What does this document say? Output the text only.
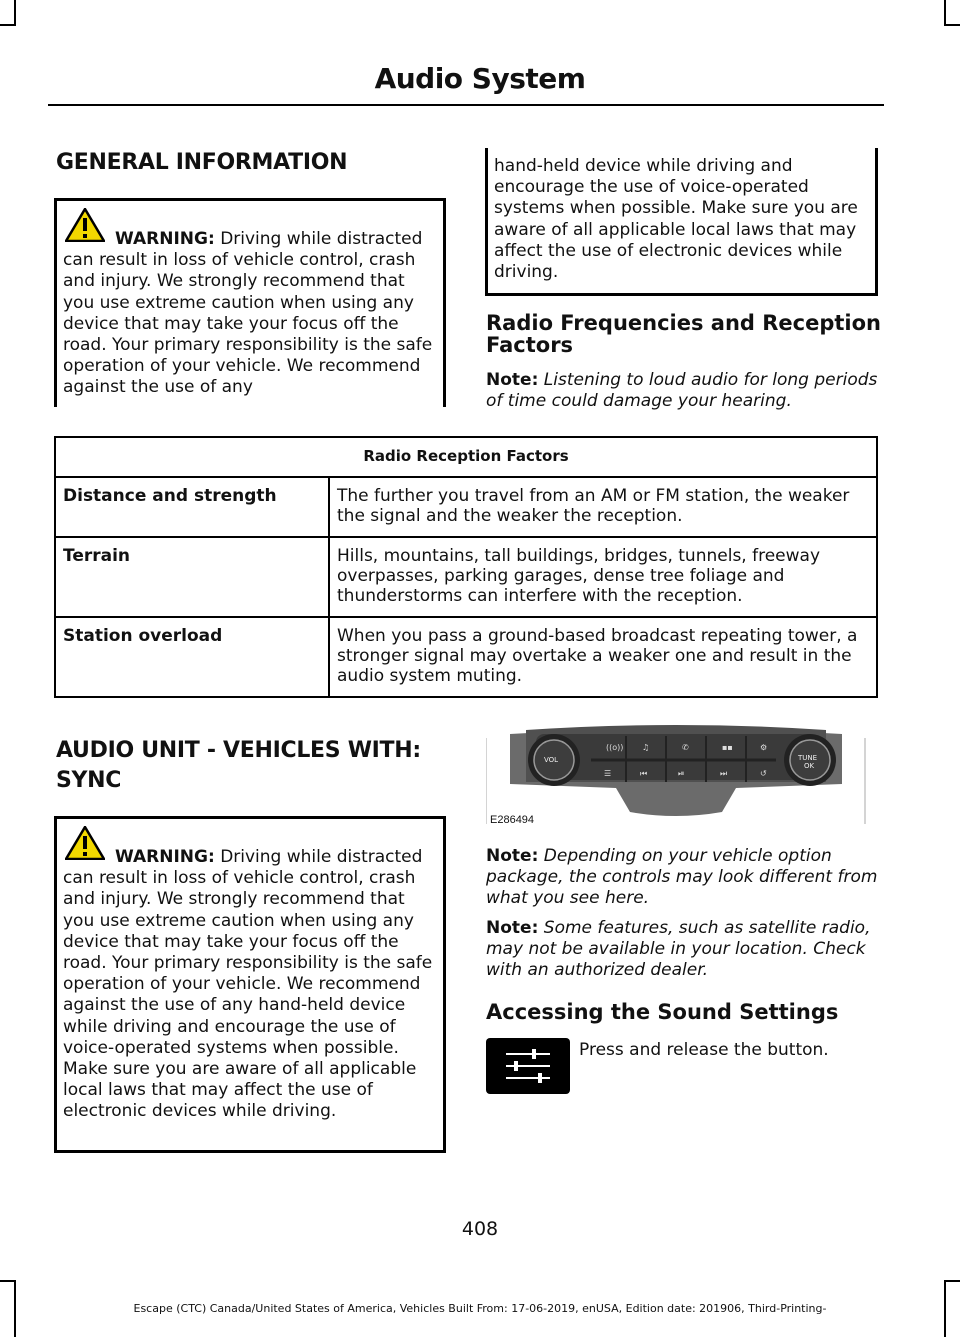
Audio System
GENERAL INFORMATION
WARNING: Driving while distracted can result in loss of vehicle control, crash and injury. We strongly recommend that you use extreme caution when using any device that may take your focus off the road. Your primary responsibility is the safe operation of your vehicle. We recommend against the use of any
hand-held device while driving and encourage the use of voice-operated systems when possible. Make sure you are aware of all applicable local laws that may affect the use of electronic devices while driving.
Radio Frequencies and Reception Factors
Note: Listening to loud audio for long periods of time could damage your hearing.
Radio Reception Factors	
Distance and strength	The further you travel from an AM or FM station, the weaker the signal and the weaker the reception.
Terrain	Hills, mountains, tall buildings, bridges, tunnels, freeway overpasses, parking garages, dense tree foliage and thunderstorms can interfere with the reception.
Station overload	When you pass a ground-based broadcast repeating tower, a stronger signal may overtake a weaker one and result in the audio system muting.
AUDIO UNIT - VEHICLES WITH:
SYNC
WARNING: Driving while distracted can result in loss of vehicle control, crash and injury. We strongly recommend that you use extreme caution when using any device that may take your focus off the road. Your primary responsibility is the safe operation of your vehicle. We recommend against the use of any hand-held device while driving and encourage the use of voice-operated systems when possible. Make sure you are aware of all applicable local laws that may affect the use of electronic devices while driving.
((o)) ♫	✆	▪▪	⚙
☰	⏮	⏯	⏭	↺
VOL	TUNE
OK
E286494
Note: Depending on your vehicle option package, the controls may look different from what you see here.
Note: Some features, such as satellite radio, may not be available in your location. Check with an authorized dealer.
Accessing the Sound Settings
Press and release the button.
408
Escape (CTC) Canada/United States of America, Vehicles Built From: 17-06-2019, enUSA, Edition date: 201906, Third-Printing-
